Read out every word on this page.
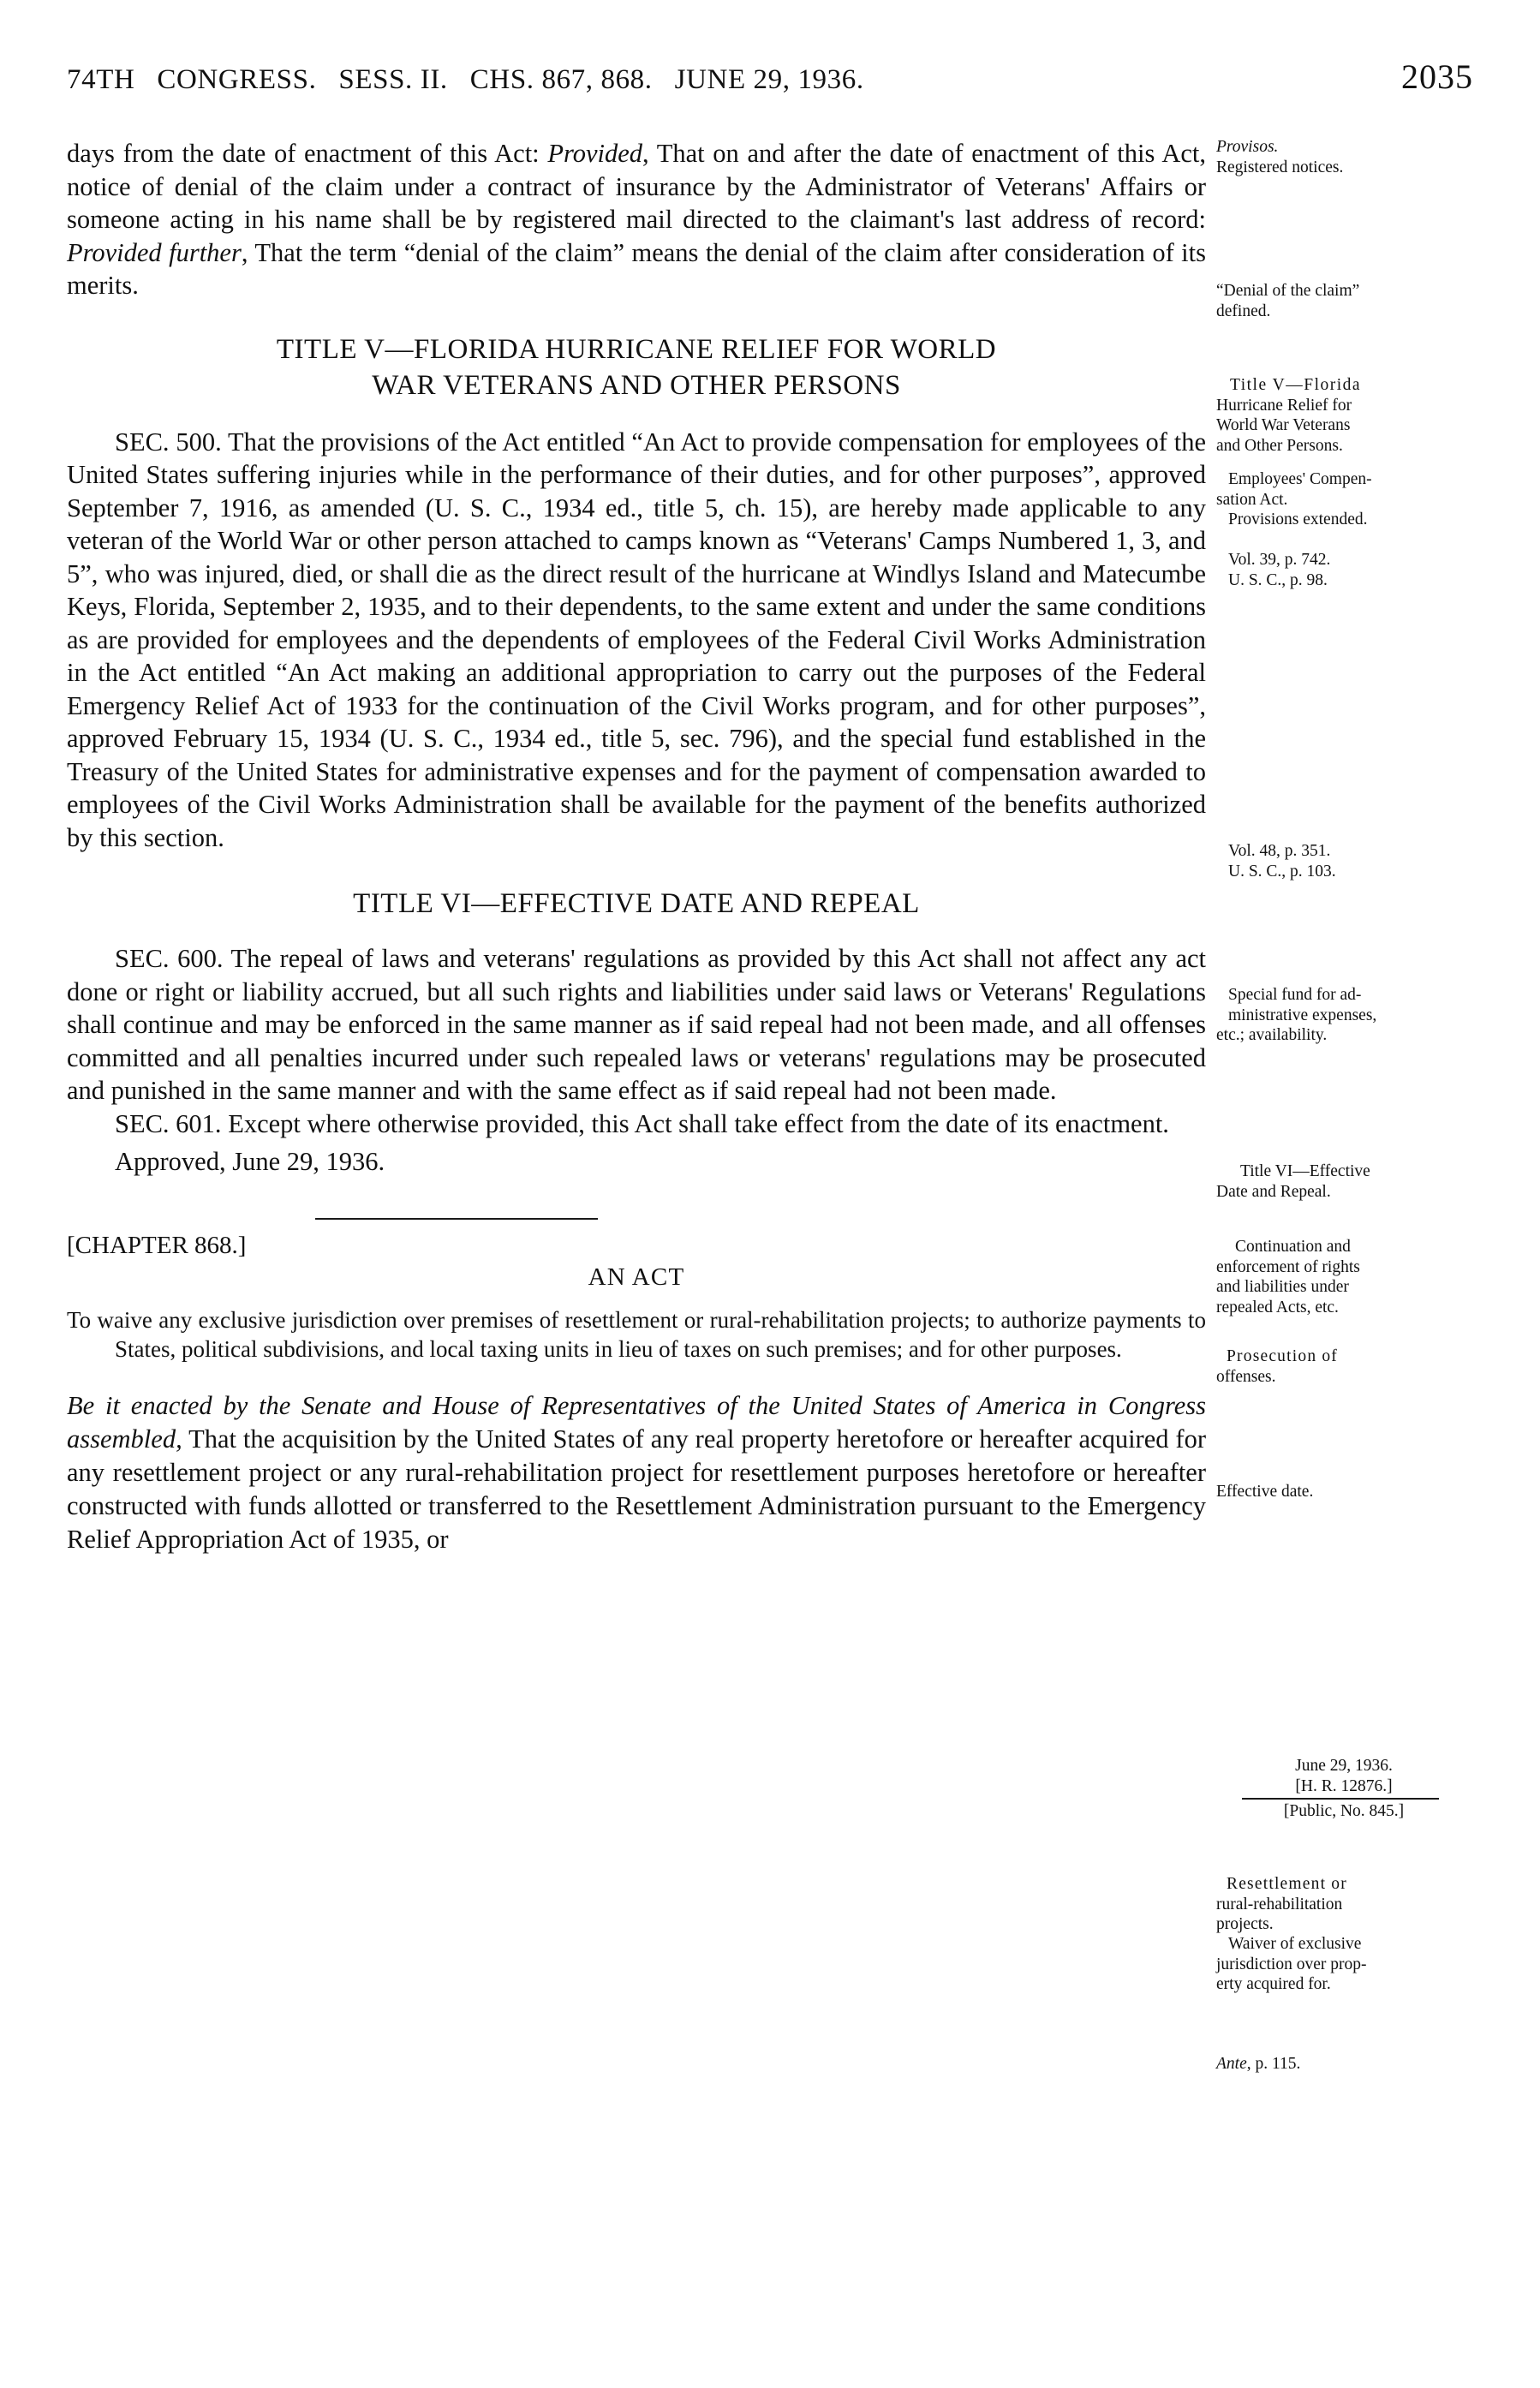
74TH CONGRESS. SESS. II. CHS. 867, 868. JUNE 29, 1936.	2035

days from the date of enactment of this Act: Provided, That on and after the date of enactment of this Act, notice of denial of the claim under a contract of insurance by the Administrator of Veterans' Affairs or someone acting in his name shall be by registered mail directed to the claimant's last address of record: Provided further, That the term “denial of the claim” means the denial of the claim after consideration of its merits.

TITLE V—FLORIDA HURRICANE RELIEF FOR WORLD
WAR VETERANS AND OTHER PERSONS

SEC. 500. That the provisions of the Act entitled “An Act to provide compensation for employees of the United States suffering injuries while in the performance of their duties, and for other purposes”, approved September 7, 1916, as amended (U. S. C., 1934 ed., title 5, ch. 15), are hereby made applicable to any veteran of the World War or other person attached to camps known as “Veterans' Camps Numbered 1, 3, and 5”, who was injured, died, or shall die as the direct result of the hurricane at Windlys Island and Matecumbe Keys, Florida, September 2, 1935, and to their dependents, to the same extent and under the same conditions as are provided for employees and the dependents of employees of the Federal Civil Works Administration in the Act entitled “An Act making an additional appropriation to carry out the purposes of the Federal Emergency Relief Act of 1933 for the continuation of the Civil Works program, and for other purposes”, approved February 15, 1934 (U. S. C., 1934 ed., title 5, sec. 796), and the special fund established in the Treasury of the United States for administrative expenses and for the payment of compensation awarded to employees of the Civil Works Administration shall be available for the payment of the benefits authorized by this section.

TITLE VI—EFFECTIVE DATE AND REPEAL

SEC. 600. The repeal of laws and veterans' regulations as provided by this Act shall not affect any act done or right or liability accrued, but all such rights and liabilities under said laws or Veterans' Regulations shall continue and may be enforced in the same manner as if said repeal had not been made, and all offenses committed and all penalties incurred under such repealed laws or veterans' regulations may be prosecuted and punished in the same manner and with the same effect as if said repeal had not been made.

SEC. 601. Except where otherwise provided, this Act shall take effect from the date of its enactment.

Approved, June 29, 1936.

[CHAPTER 868.]
AN ACT

To waive any exclusive jurisdiction over premises of resettlement or rural-rehabilitation projects; to authorize payments to States, political subdivisions, and local taxing units in lieu of taxes on such premises; and for other purposes.

Be it enacted by the Senate and House of Representatives of the United States of America in Congress assembled, That the acquisition by the United States of any real property heretofore or hereafter acquired for any resettlement project or any rural-rehabilitation project for resettlement purposes heretofore or hereafter constructed with funds allotted or transferred to the Resettlement Administration pursuant to the Emergency Relief Appropriation Act of 1935, or

Provisos.
Registered notices.
“Denial of the claim”
defined.
Title V—Florida
Hurricane Relief for
World War Veterans
and Other Persons.
Employees' Compen-
sation Act.
Provisions extended.
Vol. 39, p. 742.
U. S. C., p. 98.
Vol. 48, p. 351.
U. S. C., p. 103.
Special fund for ad-
ministrative expenses,
etc.; availability.
Title VI—Effective
Date and Repeal.
Continuation and
enforcement of rights
and liabilities under
repealed Acts, etc.
Prosecution of
offenses.
Effective date.
June 29, 1936.
[H. R. 12876.]
[Public, No. 845.]
Resettlement or
rural-rehabilitation
projects.
Waiver of exclusive
jurisdiction over prop-
erty acquired for.
Ante, p. 115.
